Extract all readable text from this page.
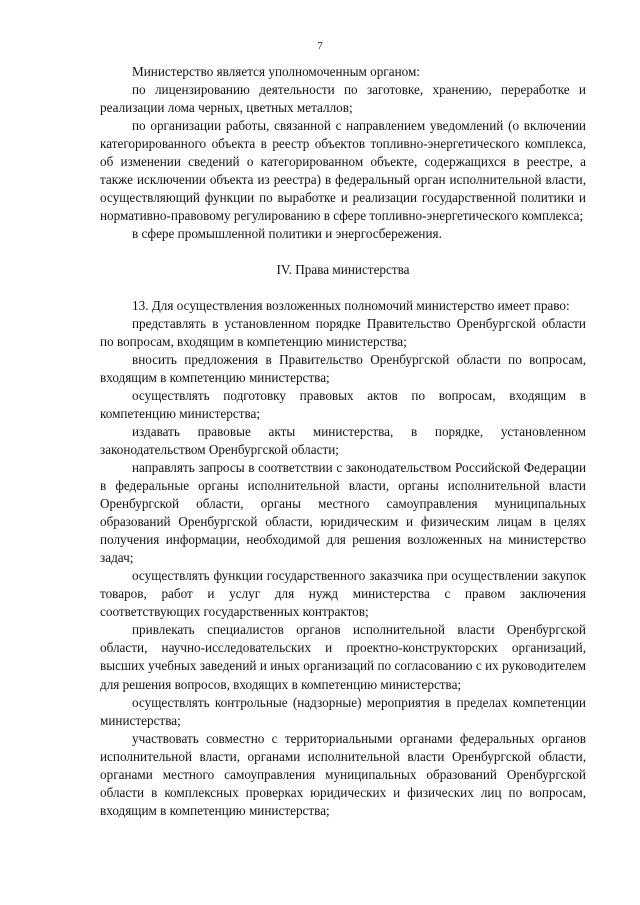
7

Министерство является уполномоченным органом:

по лицензированию деятельности по заготовке, хранению, переработке и реализации лома черных, цветных металлов;

по организации работы, связанной с направлением уведомлений (о включении категорированного объекта в реестр объектов топливно-энергетического комплекса, об изменении сведений о категорированном объекте, содержащихся в реестре, а также исключении объекта из реестра) в федеральный орган исполнительной власти, осуществляющий функции по выработке и реализации государственной политики и нормативно-правовому регулированию в сфере топливно-энергетического комплекса;

в сфере промышленной политики и энергосбережения.

IV. Права министерства

13. Для осуществления возложенных полномочий министерство имеет право:

представлять в установленном порядке Правительство Оренбургской области по вопросам, входящим в компетенцию министерства;

вносить предложения в Правительство Оренбургской области по вопросам, входящим в компетенцию министерства;

осуществлять подготовку правовых актов по вопросам, входящим в компетенцию министерства;

издавать правовые акты министерства, в порядке, установленном законодательством Оренбургской области;

направлять запросы в соответствии с законодательством Российской Федерации в федеральные органы исполнительной власти, органы исполнительной власти Оренбургской области, органы местного самоуправления муниципальных образований Оренбургской области, юридическим и физическим лицам в целях получения информации, необходимой для решения возложенных на министерство задач;

осуществлять функции государственного заказчика при осуществлении закупок товаров, работ и услуг для нужд министерства с правом заключения соответствующих государственных контрактов;

привлекать специалистов органов исполнительной власти Оренбургской области, научно-исследовательских и проектно-конструкторских организаций, высших учебных заведений и иных организаций по согласованию с их руководителем для решения вопросов, входящих в компетенцию министерства;

осуществлять контрольные (надзорные) мероприятия в пределах компетенции министерства;

участвовать совместно с территориальными органами федеральных органов исполнительной власти, органами исполнительной власти Оренбургской области, органами местного самоуправления муниципальных образований Оренбургской области в комплексных проверках юридических и физических лиц по вопросам, входящим в компетенцию министерства;
